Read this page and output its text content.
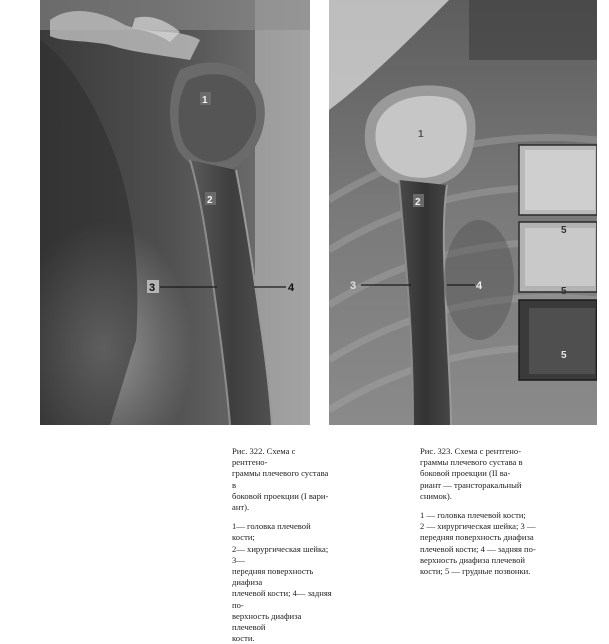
1
2
3	4
1
2
3	4
5
5
5

Рис. 322. Схема с рентгено-

граммы плечевого сустава в

боковой проекции (I вари-

ант).

1— головка плечевой кости;

2— хирургическая шейка; 3—

передняя поверхность диафиза

плечевой кости; 4— задняя по-

верхность диафиза плечевой

кости.

Рис. 323. Схема с рентгено-

граммы плечевого сустава в

боковой проекции (II ва-

риант — трансторакальный

снимок).

1 — головка плечевой кости;

2 — хирургическая шейка; 3 —

передняя поверхность диафиза

плечевой кости; 4 — задняя по-

верхность диафиза плечевой

кости; 5 — грудные позвонки.
